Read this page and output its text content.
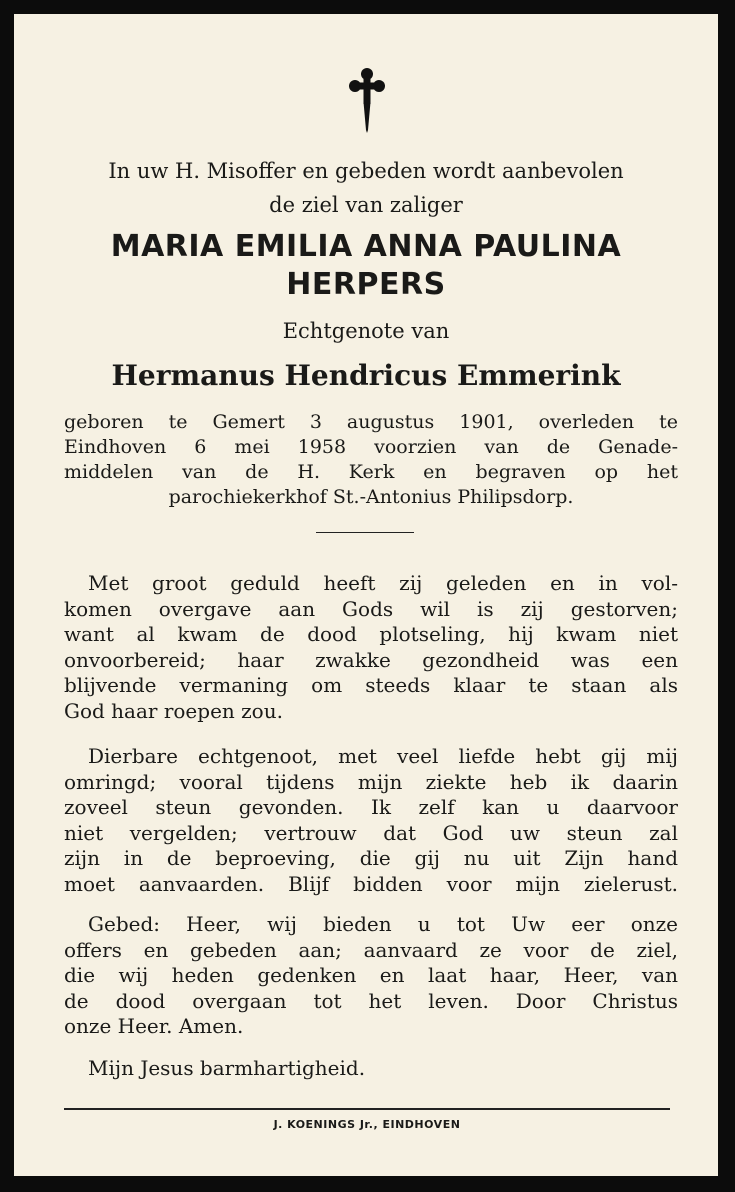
In uw H. Misoffer en gebeden wordt aanbevolen
de ziel van zaliger
MARIA EMILIA ANNA PAULINA
HERPERS
Echtgenote van
Hermanus Hendricus Emmerink
geboren te Gemert 3 augustus 1901, overleden te
Eindhoven 6 mei 1958 voorzien van de Genade-
middelen van de H. Kerk en begraven op het
parochiekerkhof St.-Antonius Philipsdorp.
Met groot geduld heeft zij geleden en in vol-
komen overgave aan Gods wil is zij gestorven;
want al kwam de dood plotseling, hij kwam niet
onvoorbereid; haar zwakke gezondheid was een
blijvende vermaning om steeds klaar te staan als
God haar roepen zou.
Dierbare echtgenoot, met veel liefde hebt gij mij
omringd; vooral tijdens mijn ziekte heb ik daarin
zoveel steun gevonden. Ik zelf kan u daarvoor
niet vergelden; vertrouw dat God uw steun zal
zijn in de beproeving, die gij nu uit Zijn hand
moet aanvaarden. Blijf bidden voor mijn zielerust.
Gebed: Heer, wij bieden u tot Uw eer onze
offers en gebeden aan; aanvaard ze voor de ziel,
die wij heden gedenken en laat haar, Heer, van
de dood overgaan tot het leven. Door Christus
onze Heer. Amen.
Mijn Jesus barmhartigheid.
J. KOENINGS Jr., EINDHOVEN
